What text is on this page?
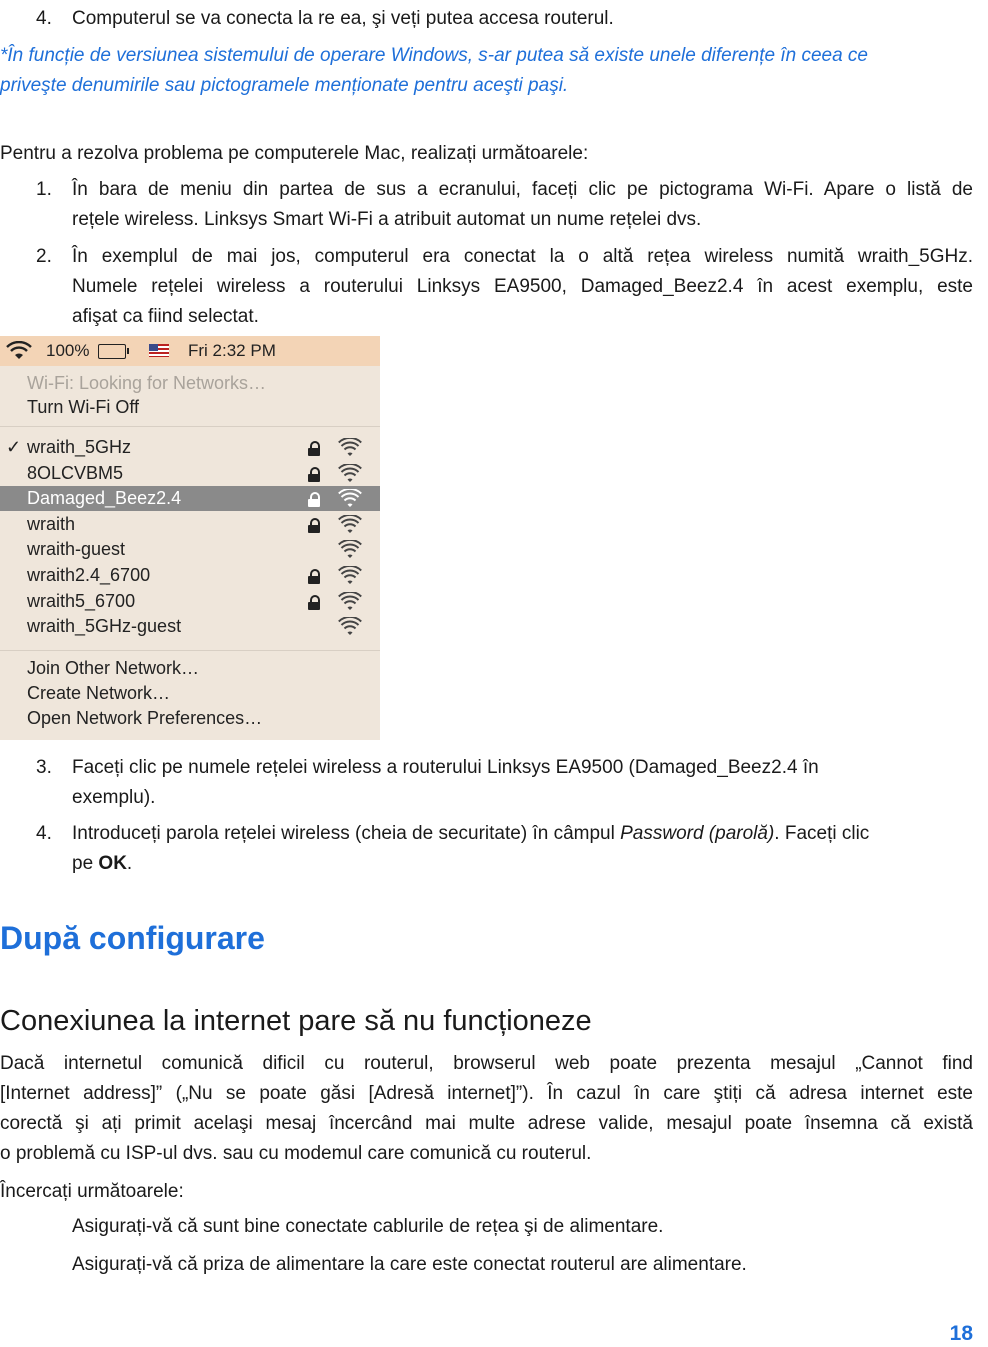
4.	Computerul se va conecta la re ea, şi veți putea accesa routerul.
*În funcție de versiunea sistemului de operare Windows, s-ar putea să existe unele diferențe în ceea ce
priveşte denumirile sau pictogramele menționate pentru aceşti paşi.
Pentru a rezolva problema pe computerele Mac, realizați următoarele:
1.	În bara de meniu din partea de sus a ecranului, faceți clic pe pictograma Wi-Fi. Apare o listă de
rețele wireless. Linksys Smart Wi-Fi a atribuit automat un nume rețelei dvs.
2.	În exemplul de mai jos, computerul era conectat la o altă rețea wireless numită wraith_5GHz.
Numele rețelei wireless a routerului Linksys EA9500, Damaged_Beez2.4 în acest exemplu, este
afişat ca fiind selectat.
100%	Fri 2:32 PM
Wi-Fi: Looking for Networks…
Turn Wi-Fi Off
✓ wraith_5GHz
8OLCVBM5
Damaged_Beez2.4
wraith
wraith-guest
wraith2.4_6700
wraith5_6700
wraith_5GHz-guest
Join Other Network…
Create Network…
Open Network Preferences…
3.	Faceți clic pe numele rețelei wireless a routerului Linksys EA9500 (Damaged_Beez2.4 în
exemplu).
4.	Introduceți parola rețelei wireless (cheia de securitate) în câmpul Password (parolă). Faceți clic
pe OK.
După configurare
Conexiunea la internet pare să nu funcționeze
Dacă internetul comunică dificil cu routerul, browserul web poate prezenta mesajul „Cannot find
[Internet address]” („Nu se poate găsi [Adresă internet]”). În cazul în care ştiți că adresa internet este
corectă şi ați primit acelaşi mesaj încercând mai multe adrese valide, mesajul poate însemna că există
o problemă cu ISP-ul dvs. sau cu modemul care comunică cu routerul.
Încercați următoarele:
Asigurați-vă că sunt bine conectate cablurile de rețea şi de alimentare.
Asigurați-vă că priza de alimentare la care este conectat routerul are alimentare.
18
